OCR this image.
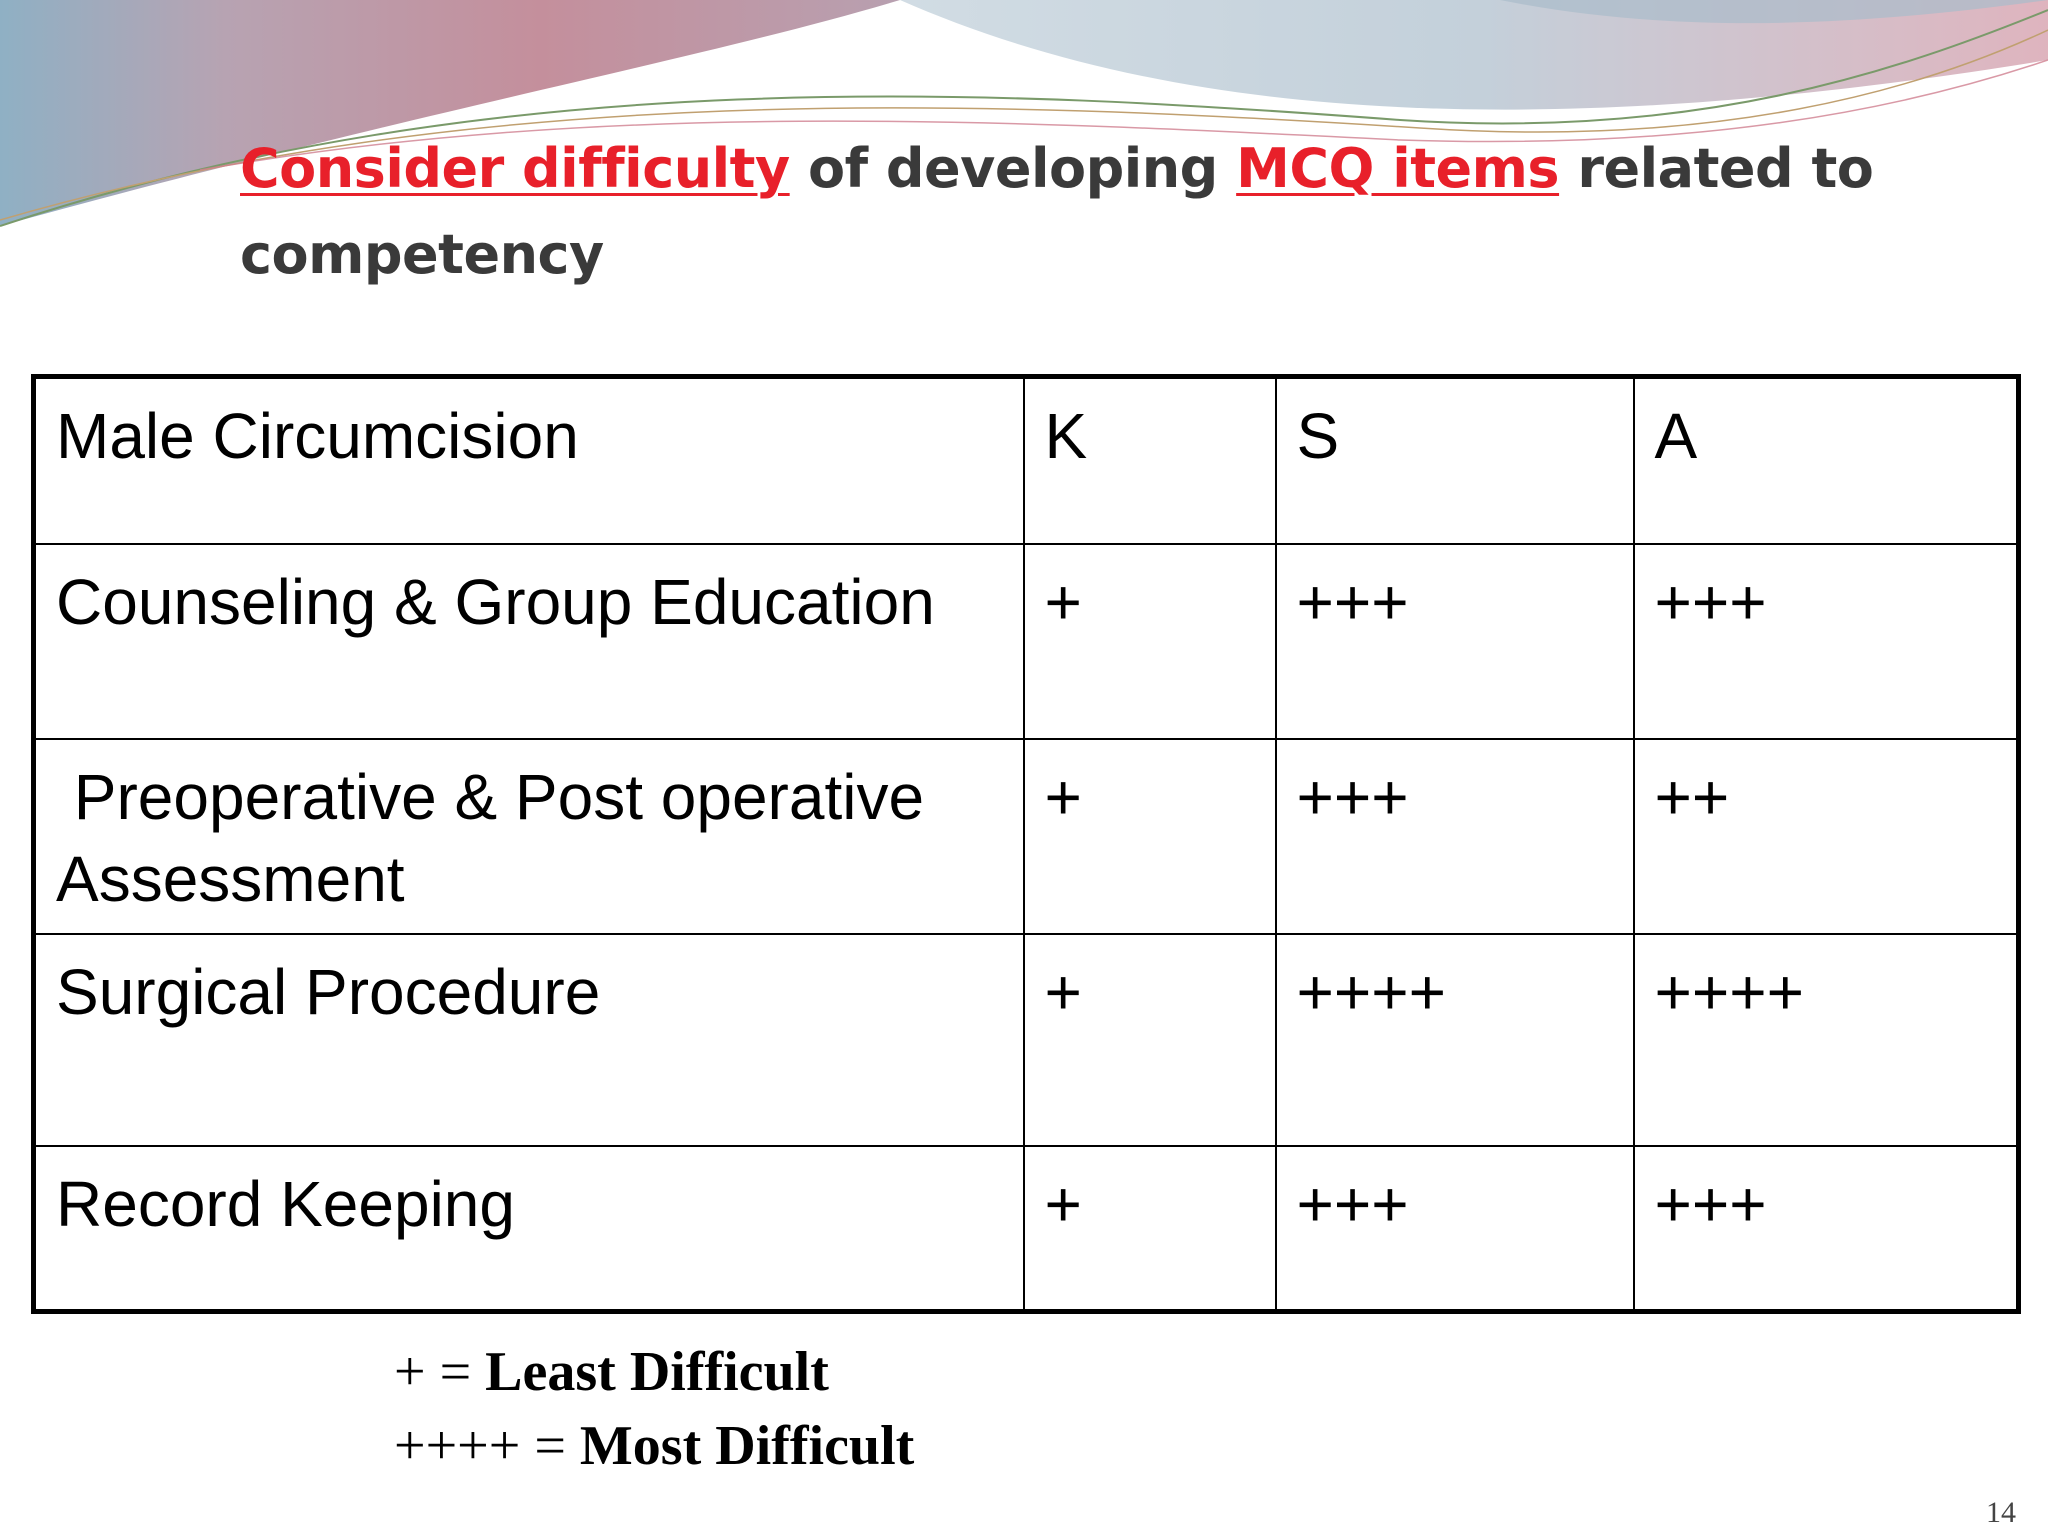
Consider difficulty of developing MCQ items related to competency
Male Circumcision	K	S	A
Counseling & Group Education	+	+++	+++
Preoperative & Post operative Assessment	+	+++	++
Surgical Procedure	+	++++	++++
Record Keeping	+	+++	+++
+ = Least Difficult
++++ = Most Difficult
14
